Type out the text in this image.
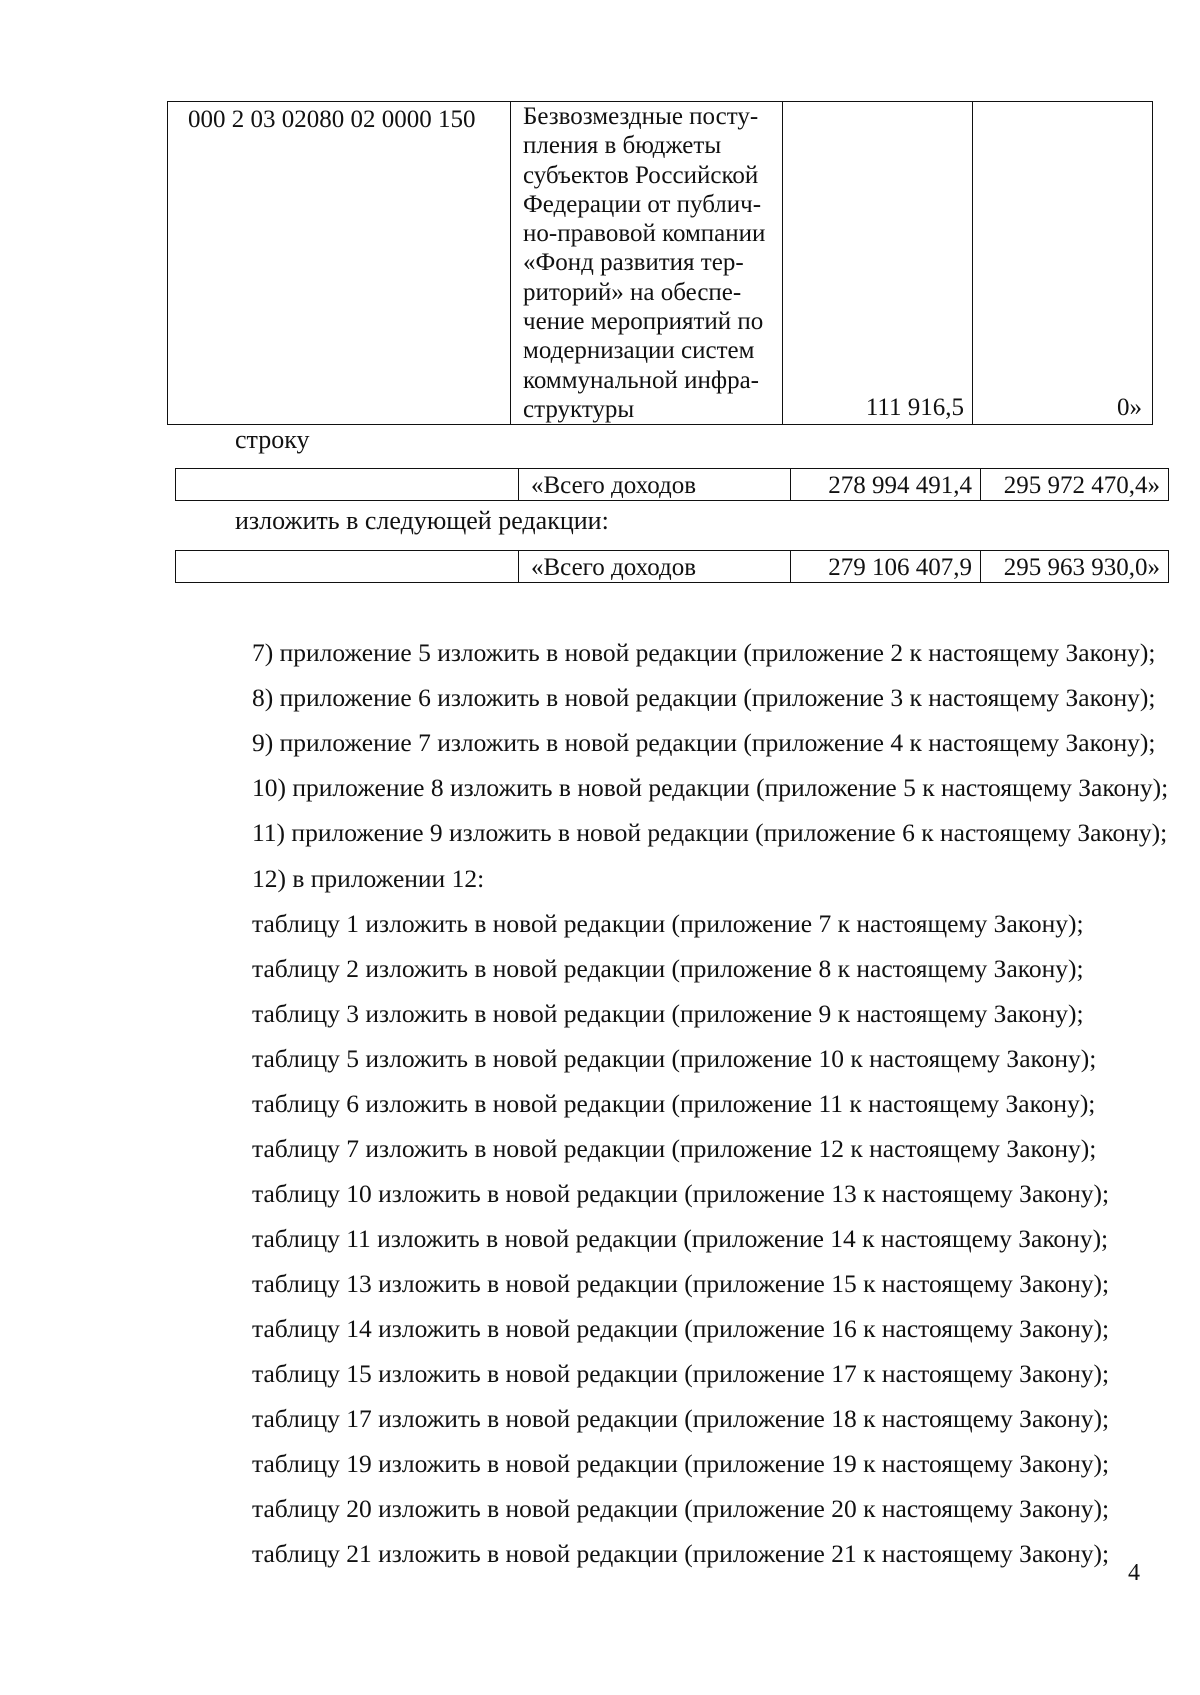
000 2 03 02080 02 0000 150	Безвозмездные посту-
пления в бюджеты
субъектов Российской
Федерации от публич-
но-правовой компании
«Фонд развития тер-
риторий» на обеспе-
чение мероприятий по
модернизации систем
коммунальной инфра-
структуры	111 916,5	0»
строку
	«Всего доходов	278 994 491,4	295 972 470,4»
изложить в следующей редакции:
	«Всего доходов	279 106 407,9	295 963 930,0»
7) приложение 5 изложить в новой редакции (приложение 2 к настоящему Закону);
8) приложение 6 изложить в новой редакции (приложение 3 к настоящему Закону);
9) приложение 7 изложить в новой редакции (приложение 4 к настоящему Закону);
10) приложение 8 изложить в новой редакции (приложение 5 к настоящему Закону);
11) приложение 9 изложить в новой редакции (приложение 6 к настоящему Закону);
12) в приложении 12:
таблицу 1 изложить в новой редакции (приложение 7 к настоящему Закону);
таблицу 2 изложить в новой редакции (приложение 8 к настоящему Закону);
таблицу 3 изложить в новой редакции (приложение 9 к настоящему Закону);
таблицу 5 изложить в новой редакции (приложение 10 к настоящему Закону);
таблицу 6 изложить в новой редакции (приложение 11 к настоящему Закону);
таблицу 7 изложить в новой редакции (приложение 12 к настоящему Закону);
таблицу 10 изложить в новой редакции (приложение 13 к настоящему Закону);
таблицу 11 изложить в новой редакции (приложение 14 к настоящему Закону);
таблицу 13 изложить в новой редакции (приложение 15 к настоящему Закону);
таблицу 14 изложить в новой редакции (приложение 16 к настоящему Закону);
таблицу 15 изложить в новой редакции (приложение 17 к настоящему Закону);
таблицу 17 изложить в новой редакции (приложение 18 к настоящему Закону);
таблицу 19 изложить в новой редакции (приложение 19 к настоящему Закону);
таблицу 20 изложить в новой редакции (приложение 20 к настоящему Закону);
таблицу 21 изложить в новой редакции (приложение 21 к настоящему Закону);
4
